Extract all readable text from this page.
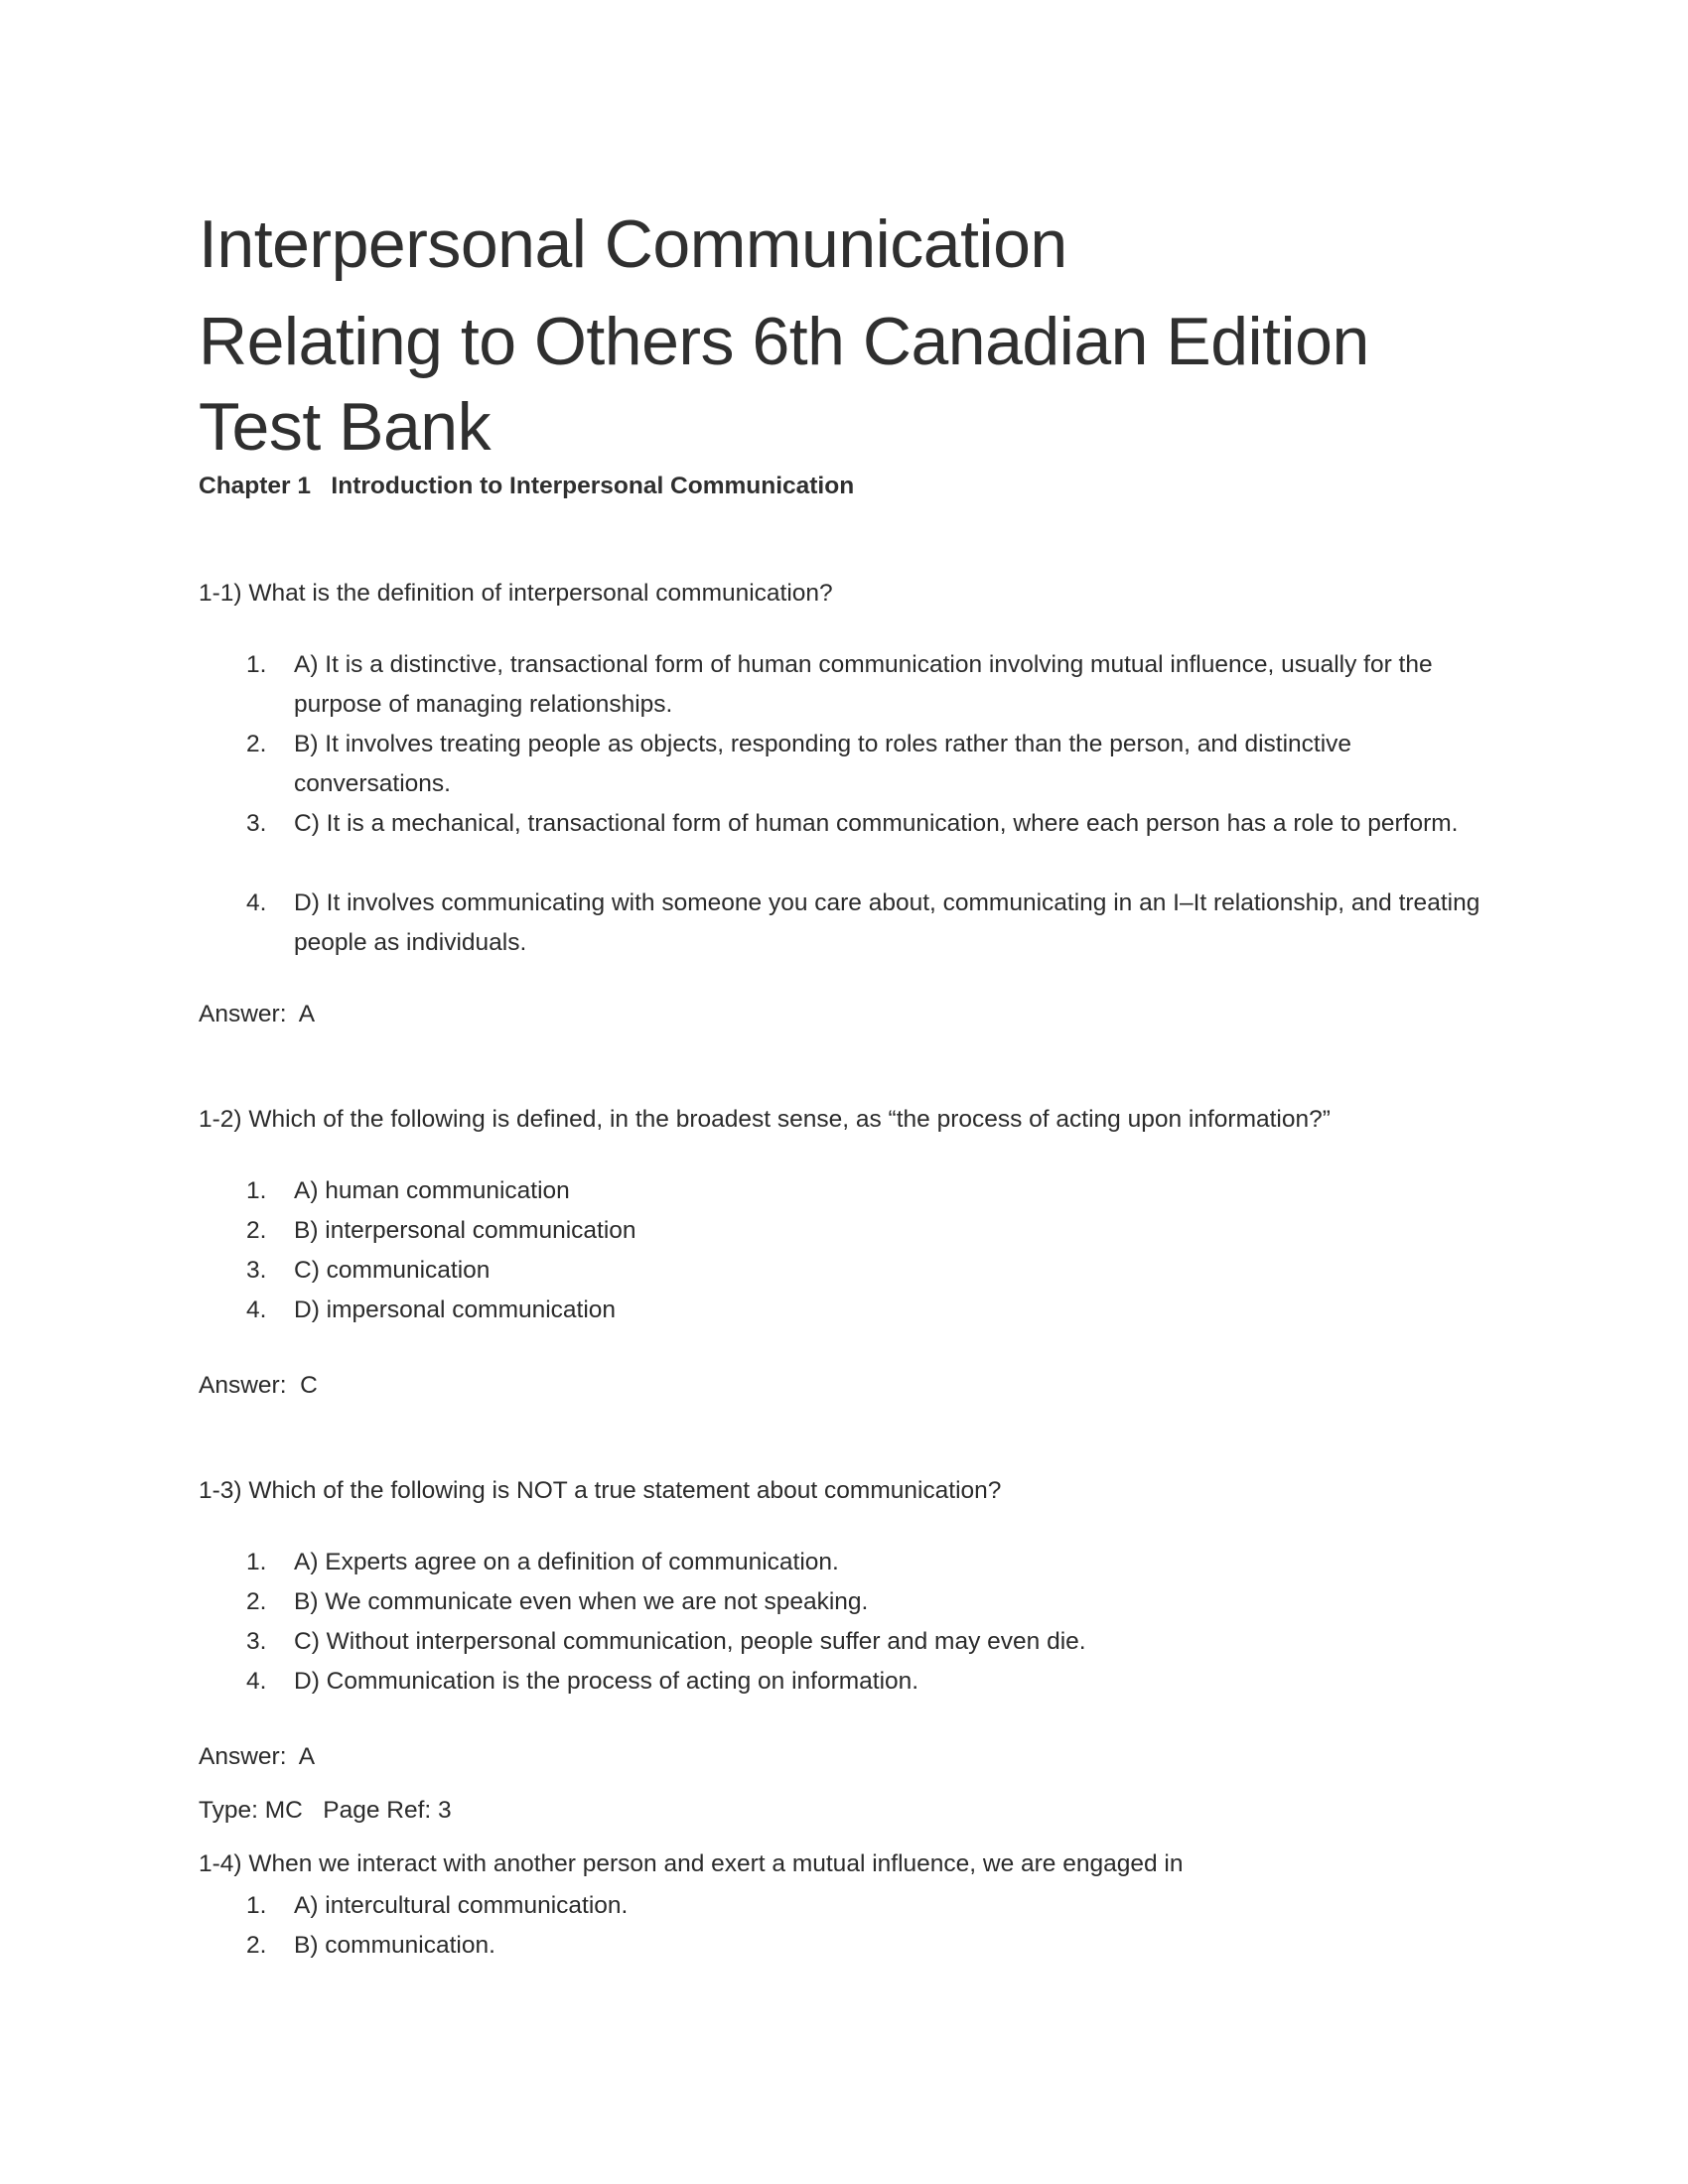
Interpersonal Communication
Relating to Others 6th Canadian Edition
Test Bank
Chapter 1   Introduction to Interpersonal Communication
1-1) What is the definition of interpersonal communication?
1. A) It is a distinctive, transactional form of human communication involving mutual influence, usually for the purpose of managing relationships.
2. B) It involves treating people as objects, responding to roles rather than the person, and distinctive conversations.
3. C) It is a mechanical, transactional form of human communication, where each person has a role to perform.
4. D) It involves communicating with someone you care about, communicating in an I–It relationship, and treating people as individuals.
Answer:  A
1-2) Which of the following is defined, in the broadest sense, as “the process of acting upon information?”
1. A) human communication
2. B) interpersonal communication
3. C) communication
4. D) impersonal communication
Answer:  C
1-3) Which of the following is NOT a true statement about communication?
1. A) Experts agree on a definition of communication.
2. B) We communicate even when we are not speaking.
3. C) Without interpersonal communication, people suffer and may even die.
4. D) Communication is the process of acting on information.
Answer:  A
Type: MC   Page Ref: 3
1-4) When we interact with another person and exert a mutual influence, we are engaged in
1. A) intercultural communication.
2. B) communication.
